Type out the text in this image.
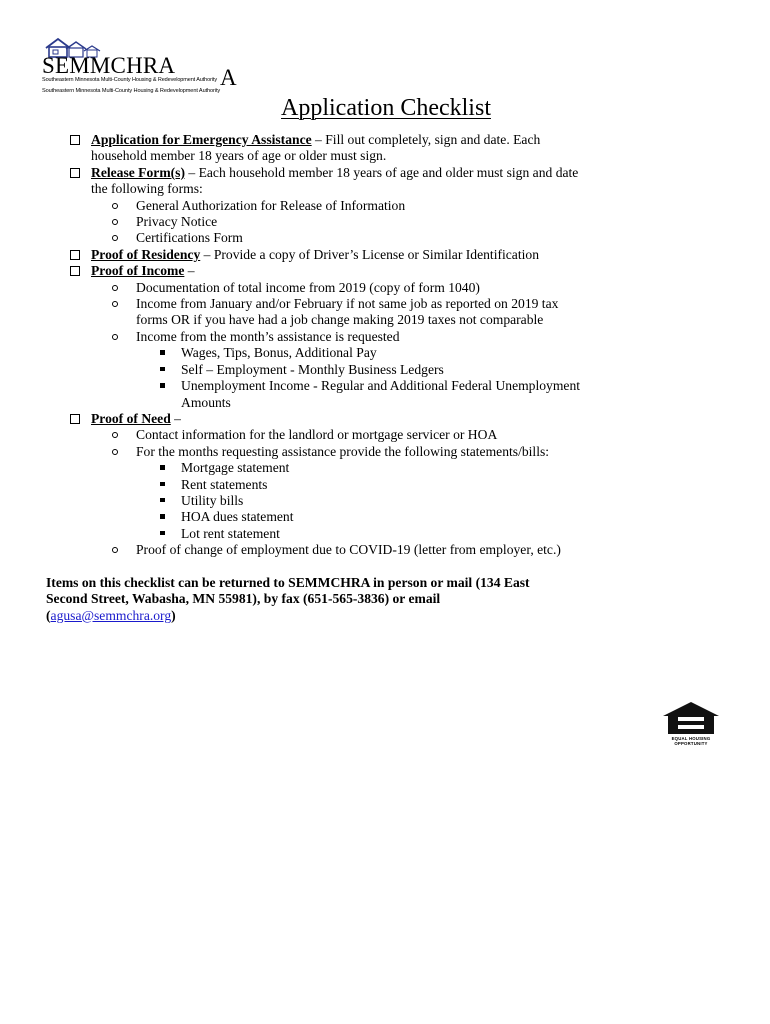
SEMMCHRA A
Southeastern Minnesota Multi-County Housing & Redevelopment Authority
Southeastern Minnesota Multi-County Housing & Redevelopment Authority
Application Checklist
Application for Emergency Assistance – Fill out completely, sign and date. Each
household member 18 years of age or older must sign.
Release Form(s) – Each household member 18 years of age and older must sign and date
the following forms:
General Authorization for Release of Information
Privacy Notice
Certifications Form
Proof of Residency – Provide a copy of Driver’s License or Similar Identification
Proof of Income –
Documentation of total income from 2019 (copy of form 1040)
Income from January and/or February if not same job as reported on 2019 tax
forms OR if you have had a job change making 2019 taxes not comparable
Income from the month’s assistance is requested
Wages, Tips, Bonus, Additional Pay
Self – Employment - Monthly Business Ledgers
Unemployment Income - Regular and Additional Federal Unemployment
Amounts
Proof of Need –
Contact information for the landlord or mortgage servicer or HOA
For the months requesting assistance provide the following statements/bills:
Mortgage statement
Rent statements
Utility bills
HOA dues statement
Lot rent statement
Proof of change of employment due to COVID-19 (letter from employer, etc.)
Items on this checklist can be returned to SEMMCHRA in person or mail (134 East
Second Street, Wabasha, MN 55981), by fax (651-565-3836) or email
(agusa@semmchra.org)
EQUAL HOUSING
OPPORTUNITY
